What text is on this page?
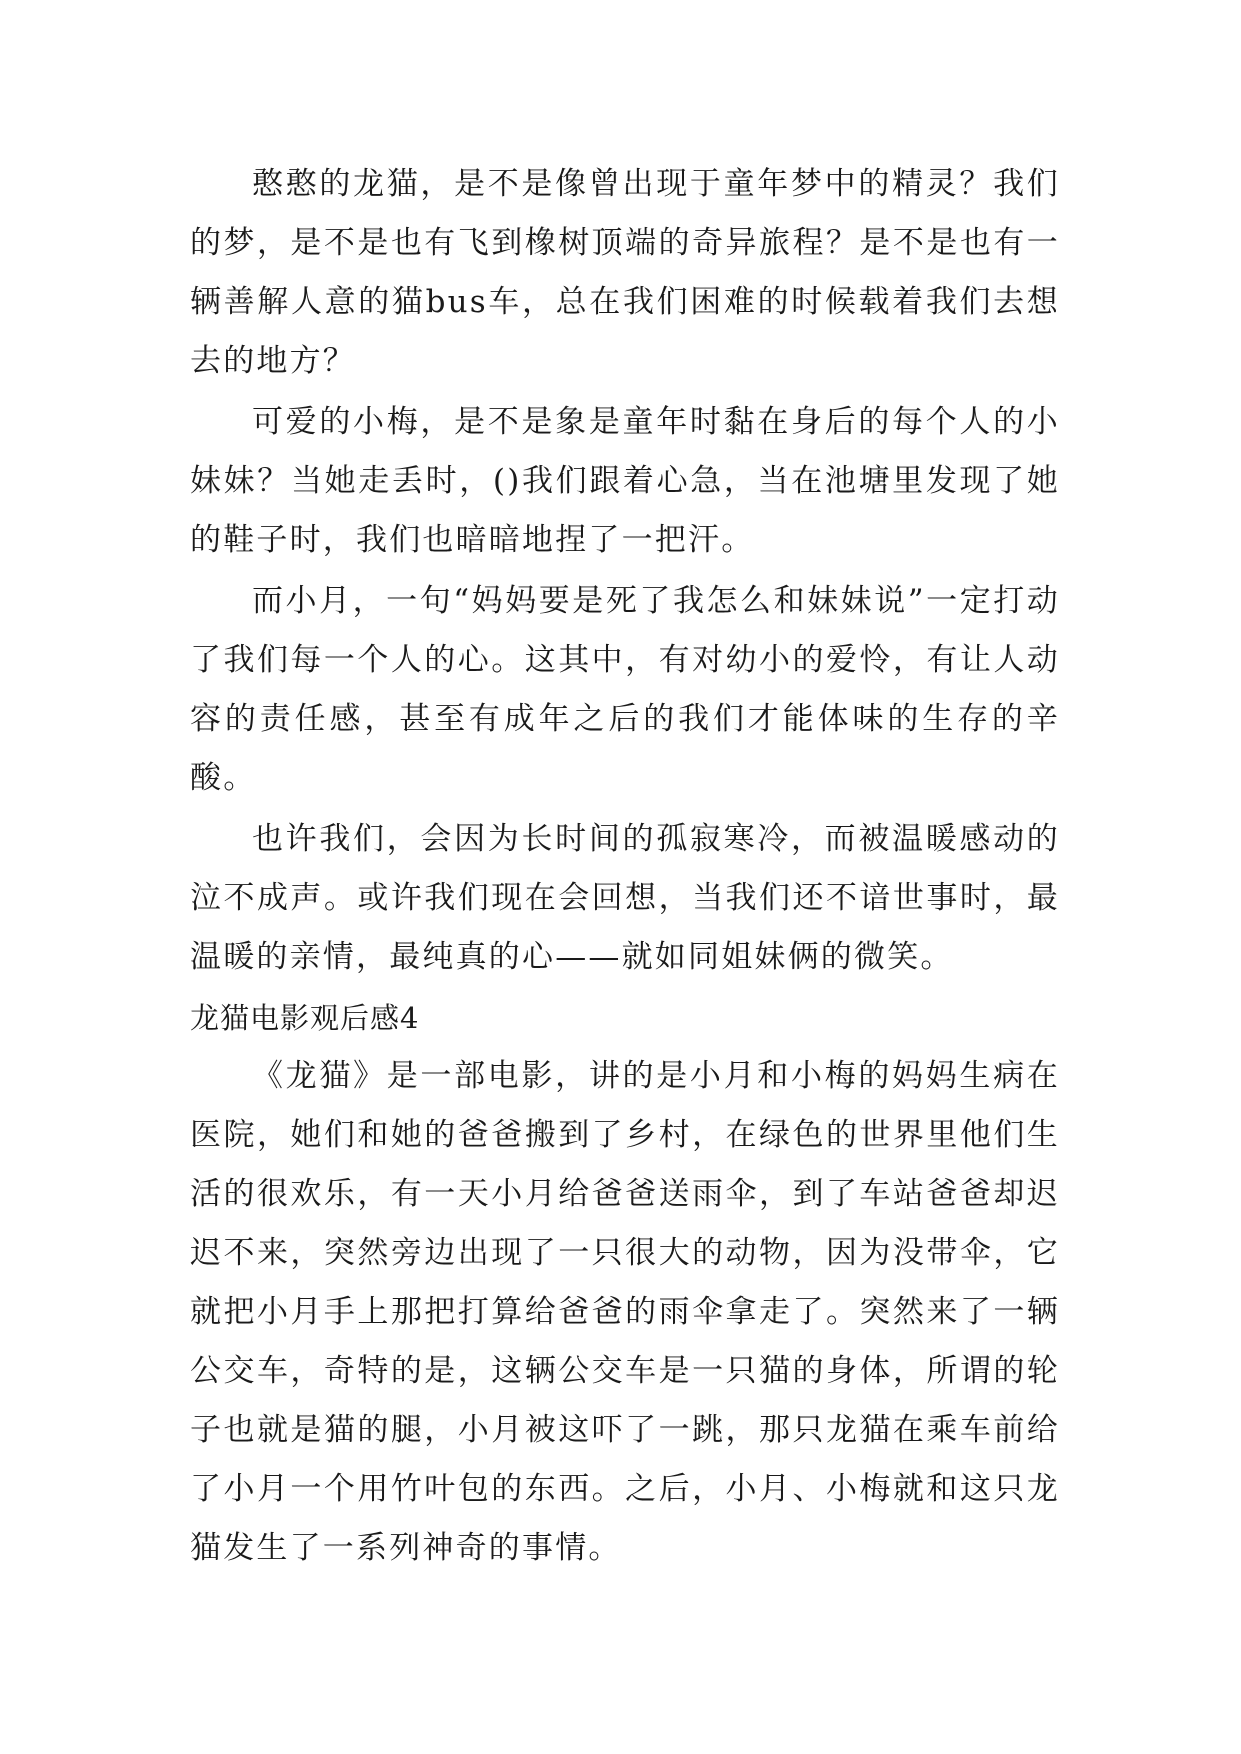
憨憨的龙猫，是不是像曾出现于童年梦中的精灵？我们的梦，是不是也有飞到橡树顶端的奇异旅程？是不是也有一辆善解人意的猫bus车，总在我们困难的时候载着我们去想去的地方？

可爱的小梅，是不是象是童年时黏在身后的每个人的小妹妹？当她走丢时，()我们跟着心急，当在池塘里发现了她的鞋子时，我们也暗暗地捏了一把汗。

而小月，一句“妈妈要是死了我怎么和妹妹说”一定打动了我们每一个人的心。这其中，有对幼小的爱怜，有让人动容的责任感，甚至有成年之后的我们才能体味的生存的辛酸。

也许我们，会因为长时间的孤寂寒冷，而被温暖感动的泣不成声。或许我们现在会回想，当我们还不谙世事时，最温暖的亲情，最纯真的心——就如同姐妹俩的微笑。

龙猫电影观后感4

《龙猫》是一部电影，讲的是小月和小梅的妈妈生病在医院，她们和她的爸爸搬到了乡村，在绿色的世界里他们生活的很欢乐，有一天小月给爸爸送雨伞，到了车站爸爸却迟迟不来，突然旁边出现了一只很大的动物，因为没带伞，它就把小月手上那把打算给爸爸的雨伞拿走了。突然来了一辆公交车，奇特的是，这辆公交车是一只猫的身体，所谓的轮子也就是猫的腿，小月被这吓了一跳，那只龙猫在乘车前给了小月一个用竹叶包的东西。之后，小月、小梅就和这只龙猫发生了一系列神奇的事情。
